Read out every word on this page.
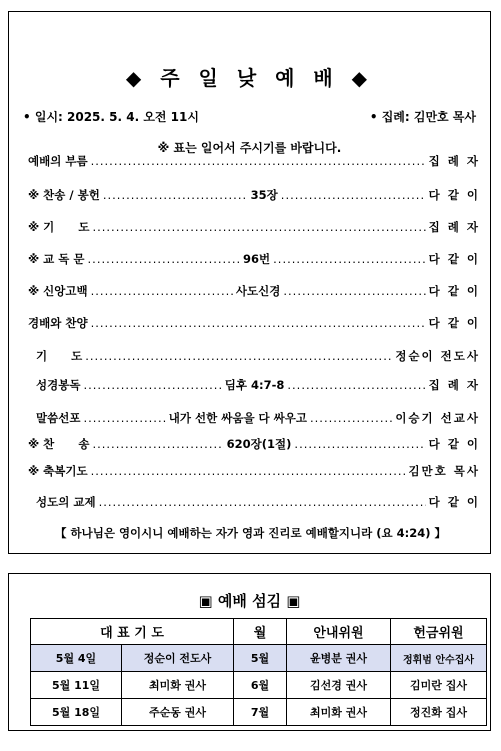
◆ 주 일 낮 예 배 ◆
• 일시: 2025. 5. 4. 오전 11시	• 집례: 김만호 목사
※ 표는 일어서 주시기를 바랍니다.
예배의 부름 .....	집 례 자
※ 찬송 / 봉헌 .....	35장 .....	다 같 이
※ 기      도 .....	집 례 자
※ 교 독 문 .....	96번 .....	다 같 이
※ 신앙고백 .....	사도신경 .....	다 같 이
경배와 찬양 .....	다 같 이
기      도 .....	정순이 전도사
성경봉독 .....	딤후 4:7-8 .....	집 례 자
말씀선포 .....	내가 선한 싸움을 다 싸우고 .....	이승기 선교사
※ 찬      송 .....	620장(1절) .....	다 같 이
※ 축복기도 .....	김만호 목사
성도의 교제 .....	다 같 이
【 하나님은 영이시니 예배하는 자가 영과 진리로 예배할지니라 (요 4:24) 】
▣ 예배 섬김 ▣
대 표 기 도		월	안내위원	헌금위원
5월 4일	정순이 전도사	5월	윤병분 권사	정휘범 안수집사
5월 11일	최미화 권사	6월	김선경 권사	김미란 집사
5월 18일	주순동 권사	7월	최미화 권사	정진화 집사
